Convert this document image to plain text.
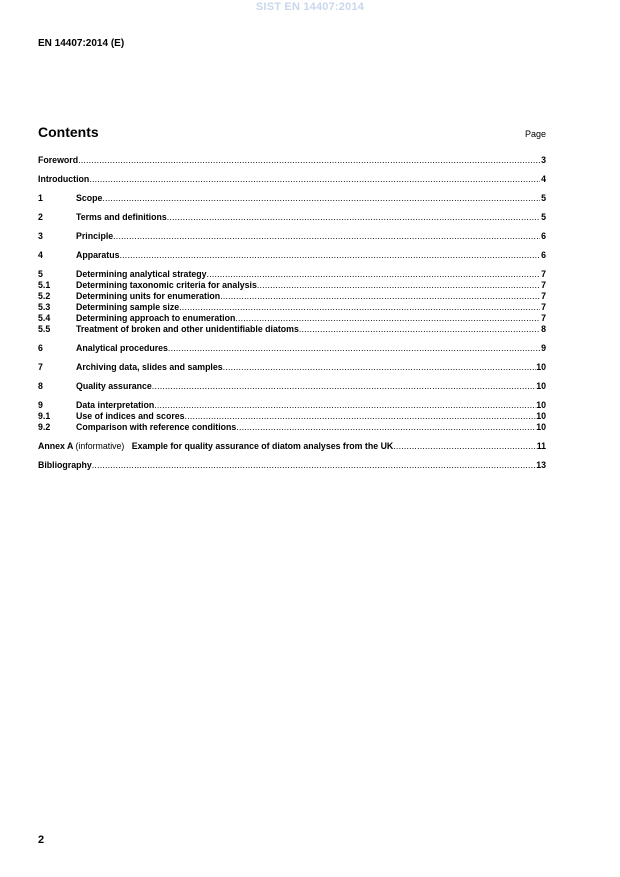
SIST EN 14407:2014
EN 14407:2014 (E)
Contents	Page
Foreword .....	3
Introduction .....	4
1	Scope .....	5
2	Terms and definitions .....	5
3	Principle .....	6
4	Apparatus .....	6
5	Determining analytical strategy .....	7
5.1	Determining taxonomic criteria for analysis .....	7
5.2	Determining units for enumeration .....	7
5.3	Determining sample size .....	7
5.4	Determining approach to enumeration .....	7
5.5	Treatment of broken and other unidentifiable diatoms .....	8
6	Analytical procedures .....	9
7	Archiving data, slides and samples .....	10
8	Quality assurance .....	10
9	Data interpretation .....	10
9.1	Use of indices and scores .....	10
9.2	Comparison with reference conditions .....	10
Annex A (informative) Example for quality assurance of diatom analyses from the UK .....	11
Bibliography .....	13
2
